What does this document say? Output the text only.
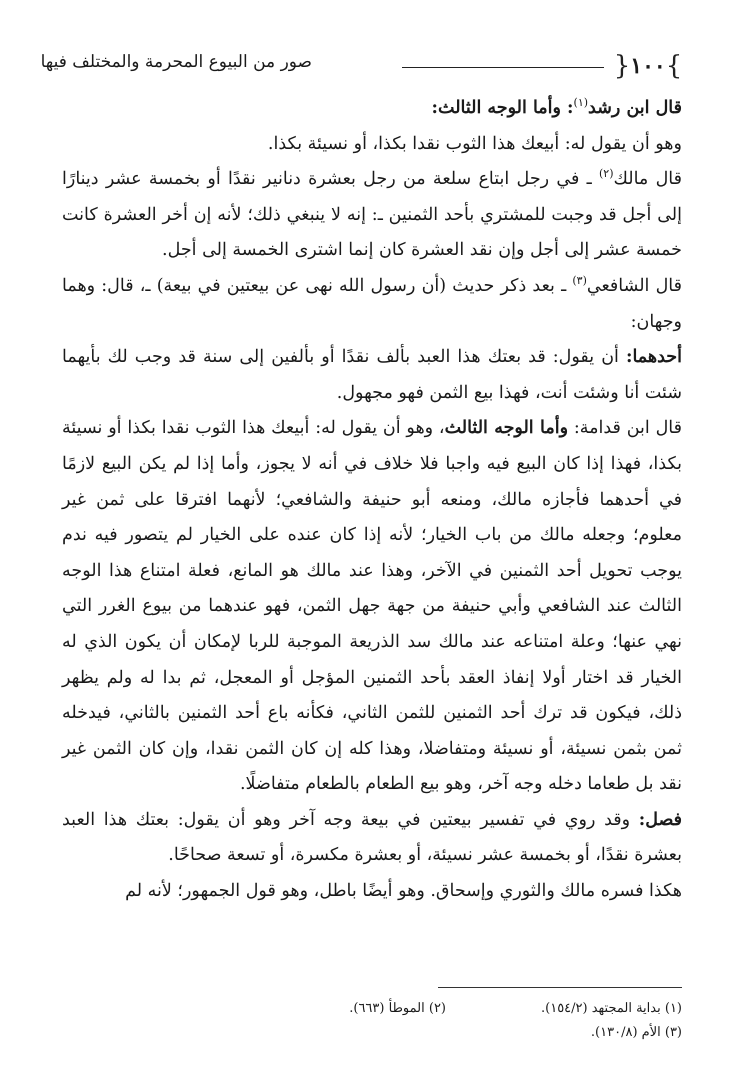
}
١٠٠
{
صور من البيوع المحرمة والمختلف فيها

قال ابن رشد$^{(١)}$: وأما الوجه الثالث:

وهو أن يقول له: أبيعك هذا الثوب نقدا بكذا، أو نسيئة بكذا.

قال مالك$^{(٢)}$ ـ في رجل ابتاع سلعة من رجل بعشرة دنانير نقدًا أو بخمسة عشر دينارًا إلى أجل قد وجبت للمشتري بأحد الثمنين ـ: إنه لا ينبغي ذلك؛ لأنه إن أخر العشرة كانت خمسة عشر إلى أجل وإن نقد العشرة كان إنما اشترى الخمسة إلى أجل.

قال الشافعي$^{(٣)}$ ـ بعد ذكر حديث (أن رسول الله نهى عن بيعتين في بيعة) ـ، قال: وهما وجهان:

أحدهما: أن يقول: قد بعتك هذا العبد بألف نقدًا أو بألفين إلى سنة قد وجب لك بأيهما شئت أنا وشئت أنت، فهذا بيع الثمن فهو مجهول.

قال ابن قدامة: وأما الوجه الثالث، وهو أن يقول له: أبيعك هذا الثوب نقدا بكذا أو نسيئة بكذا، فهذا إذا كان البيع فيه واجبا فلا خلاف في أنه لا يجوز، وأما إذا لم يكن البيع لازمًا في أحدهما فأجازه مالك، ومنعه أبو حنيفة والشافعي؛ لأنهما افترقا على ثمن غير معلوم؛ وجعله مالك من باب الخيار؛ لأنه إذا كان عنده على الخيار لم يتصور فيه ندم يوجب تحويل أحد الثمنين في الآخر، وهذا عند مالك هو المانع، فعلة امتناع هذا الوجه الثالث عند الشافعي وأبي حنيفة من جهة جهل الثمن، فهو عندهما من بيوع الغرر التي نهي عنها؛ وعلة امتناعه عند مالك سد الذريعة الموجبة للربا لإمكان أن يكون الذي له الخيار قد اختار أولا إنفاذ العقد بأحد الثمنين المؤجل أو المعجل، ثم بدا له ولم يظهر ذلك، فيكون قد ترك أحد الثمنين للثمن الثاني، فكأنه باع أحد الثمنين بالثاني، فيدخله ثمن بثمن نسيئة، أو نسيئة ومتفاضلا، وهذا كله إن كان الثمن نقدا، وإن كان الثمن غير نقد بل طعاما دخله وجه آخر، وهو بيع الطعام بالطعام متفاضلًا.

فصل: وقد روي في تفسير بيعتين في بيعة وجه آخر وهو أن يقول: بعتك هذا العبد بعشرة نقدًا، أو بخمسة عشر نسيئة، أو بعشرة مكسرة، أو تسعة صحاحًا.

هكذا فسره مالك والثوري وإسحاق. وهو أيضًا باطل، وهو قول الجمهور؛ لأنه لم

(١) بداية المجتهد (١٥٤/٢).
(٢) الموطأ (٦٦٣).
(٣) الأم (١٣٠/٨).
